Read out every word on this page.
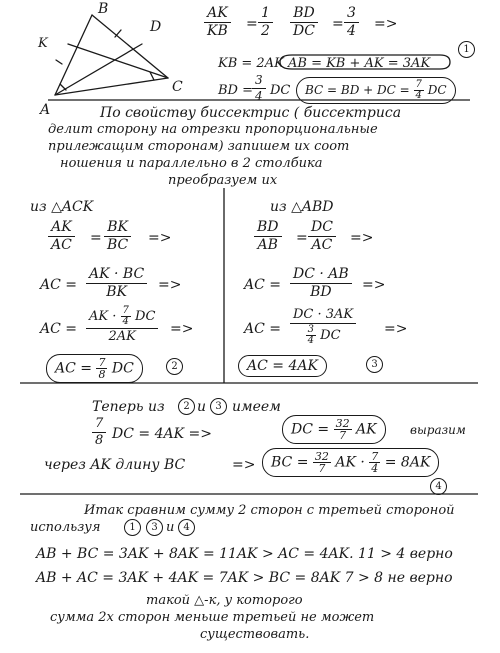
B
D
K
C
A
$\frac{AK}{KB} = \frac{1}{2} \frac{BD}{DC} = \frac{3}{4}$ =>
KB = 2AK AB = KB + AK = 3AK
1
BD =
$\frac{3}{4}$ DC	BC = BD + DC = $\frac{7}{4}$ DC
По свойству биссектрис ( биссектриса
делит сторону на отрезки пропорциональные
прилежащим сторонам) запишем их соот
ношения и параллельно в 2 столбика
преобразуем их
из △ACK
$\frac{AK}{AC} = \frac{BK}{BC}$ =>
AC = $\frac{AK \cdot BC}{BK}$ =>
AC = $\frac{AK \cdot \frac{7}{4} DC}{2AK}$ =>
AC = $\frac{7}{8}$ DC	2
из △ABD
$\frac{BD}{AB} = \frac{DC}{AC}$ =>
AC = $\frac{DC \cdot AB}{BD}$ =>
AC = $\frac{DC \cdot 3AK}{\frac{3}{4} DC}$ =>
AC = 4AK	3
Теперь из	2 и 3 имеем
$\frac{7}{8}$ DC = 4AK =>	DC = $\frac{32}{7}$ AK	выразим
через AK длину BC	=>	BC = $\frac{32}{7}$ AK · $\frac{7}{4} = 8AK$
4
Итак сравним сумму 2 сторон с третьей стороной
используя	1	3 и 4
AB + BC = 3AK + 8AK = 11AK > AC = 4AK. 11 > 4 верно
AB + AC = 3AK + 4AK = 7AK > BC = 8AK 7 > 8 не верно
такой △-к, у которого
сумма 2х сторон меньше третьей не может
существовать.
